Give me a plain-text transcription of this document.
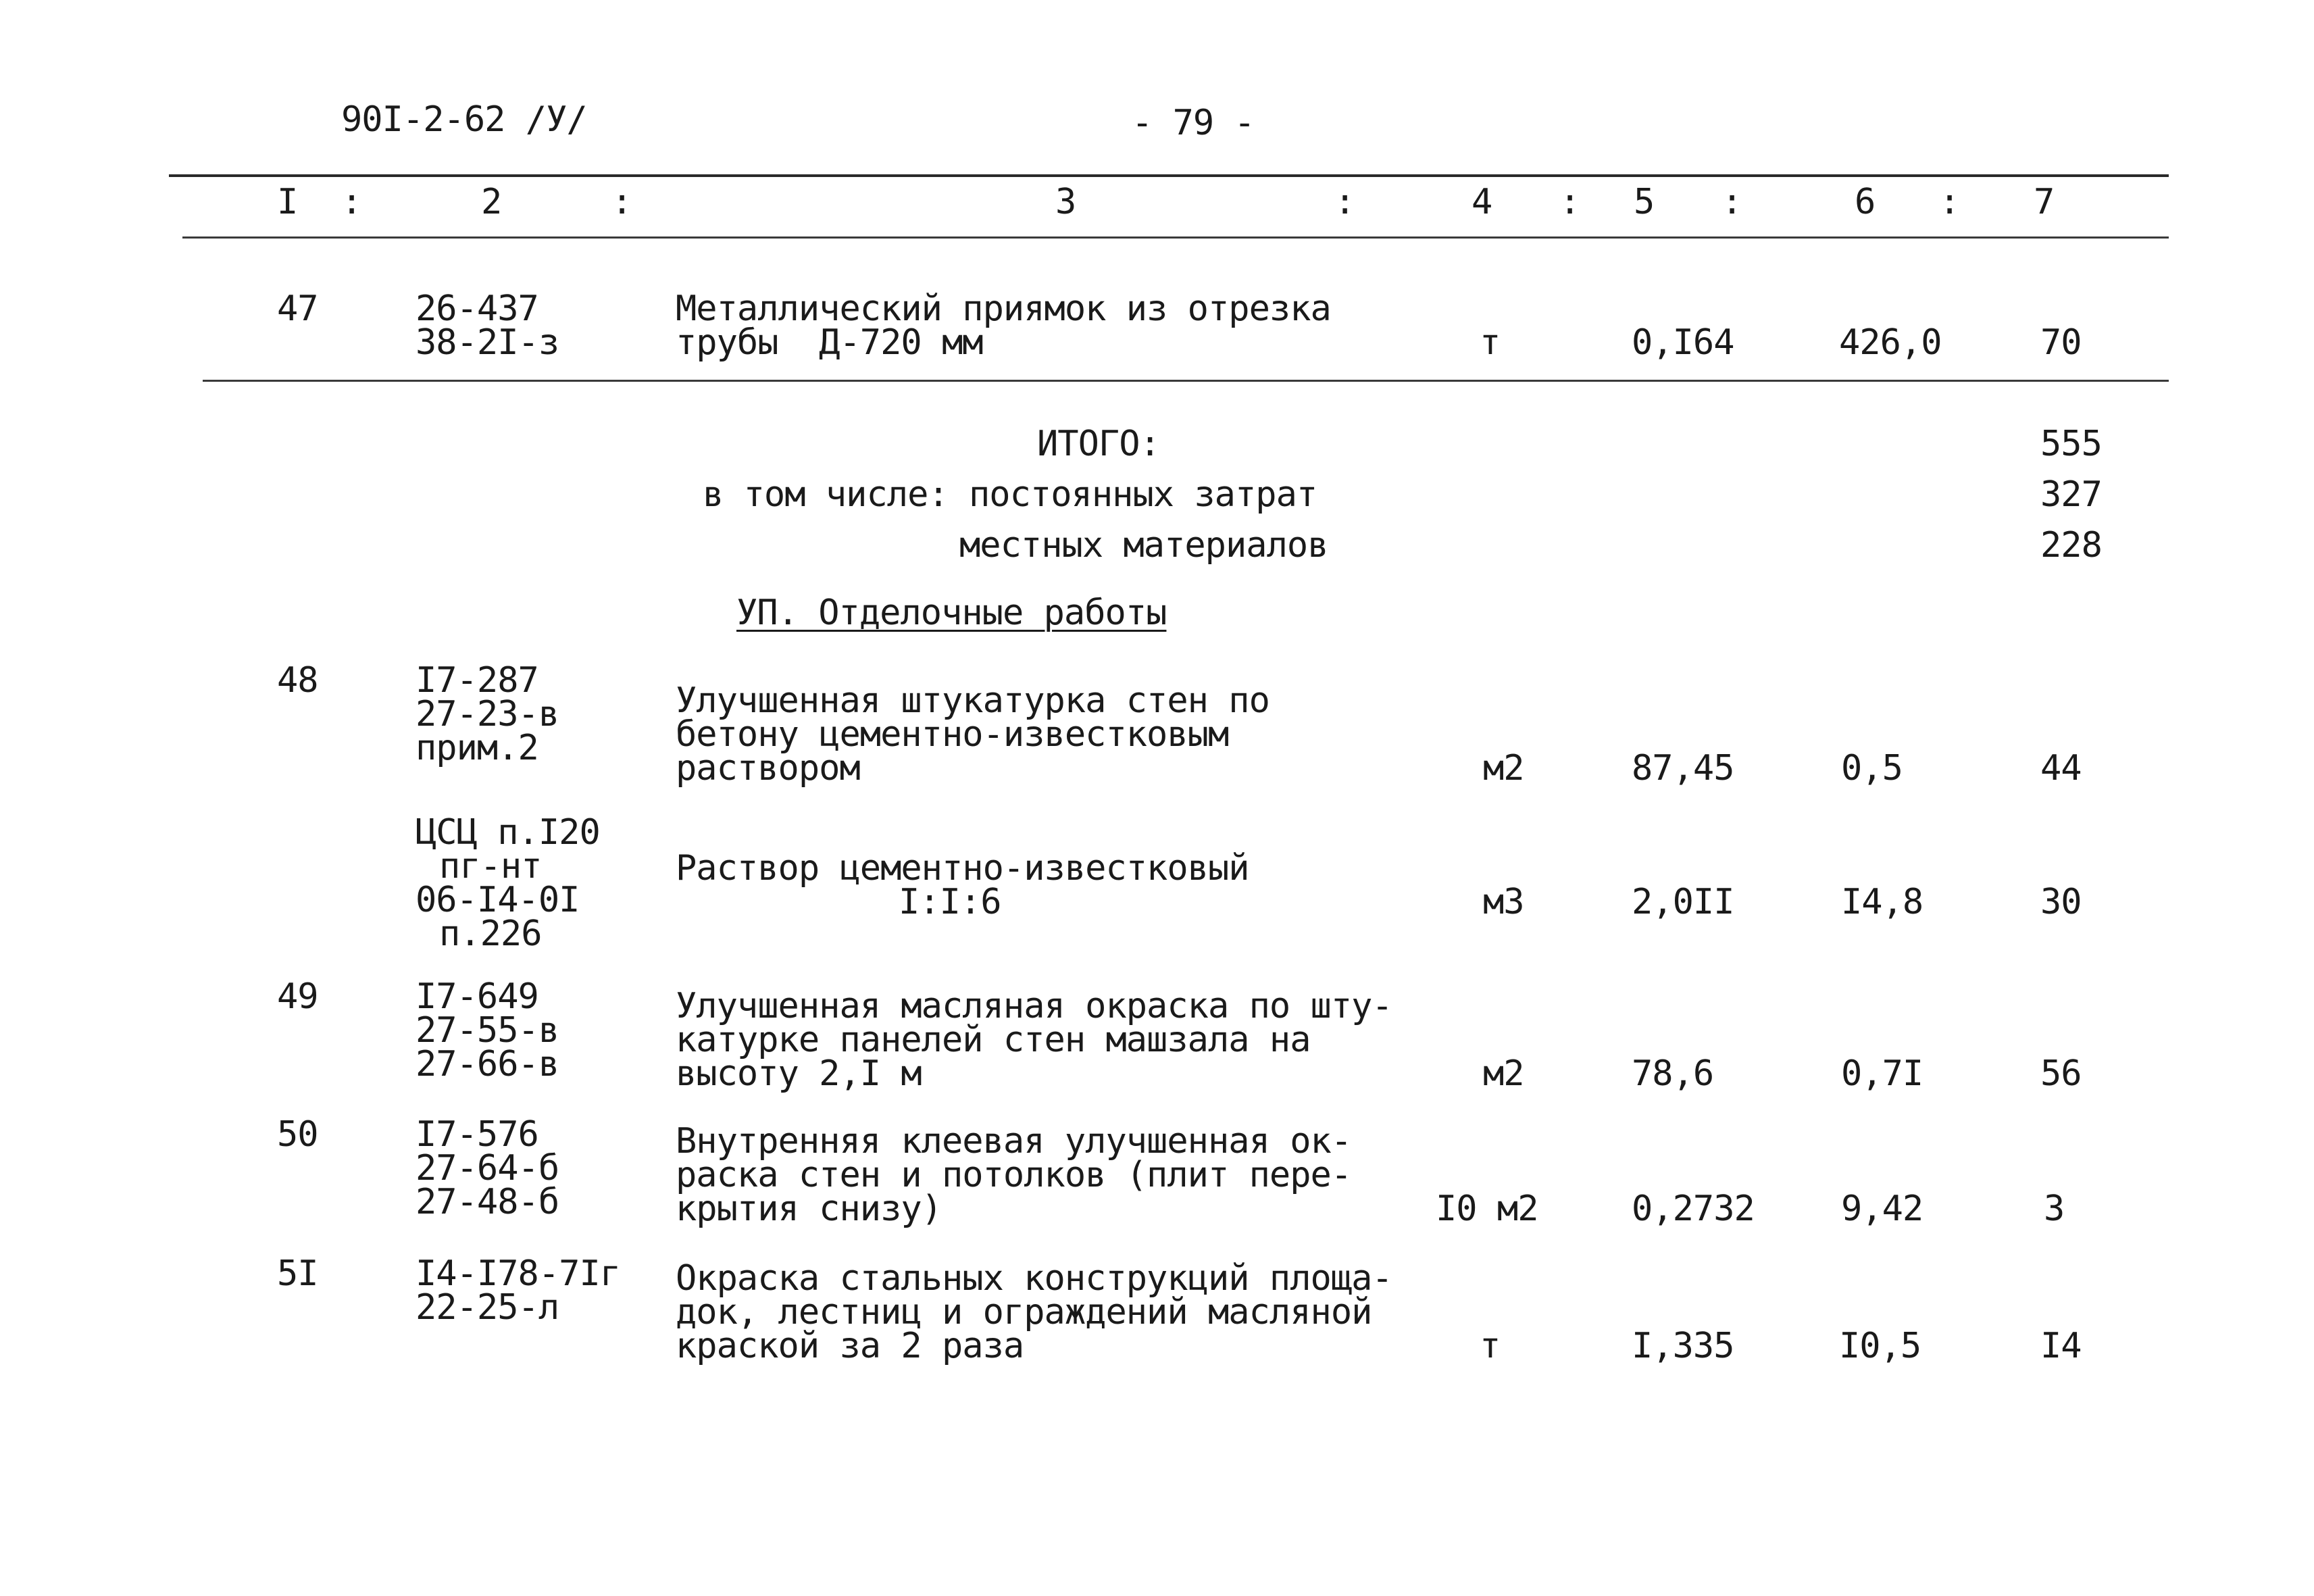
90I-2-62 /У/	- 79 -
I :	2	:	3	:	4 : 5 :	6 : 7
47	26-437
38-2I-з
Металлический приямок из отрезка
трубы  Д-720 мм	т	0,I64	426,0	70
ИТОГО:	555
в том числе: постоянных затрат	327
местных материалов	228
УП. Отделочные работы
48	I7-287
27-23-в
прим.2
Улучшенная штукатурка стен по
бетону цементно-известковым
раствором	м2	87,45	0,5	44
ЦСЦ п.I20
пг-нт
06-I4-0I
п.226
Раствор цементно-известковый
I:I:6	м3	2,0II	I4,8	30
49	I7-649
27-55-в
27-66-в
Улучшенная масляная окраска по шту-
катурке панелей стен машзала на
высоту 2,I м	м2	78,6	0,7I	56
50	I7-576
27-64-б
27-48-б
Внутренняя клеевая улучшенная ок-
раска стен и потолков (плит пере-
крытия снизу)	I0 м2	0,2732 9,42	3
5I	I4-I78-7Iг
22-25-л
Окраска стальных конструкций площа-
док, лестниц и ограждений масляной
краской за 2 раза	т	I,335	I0,5	I4
